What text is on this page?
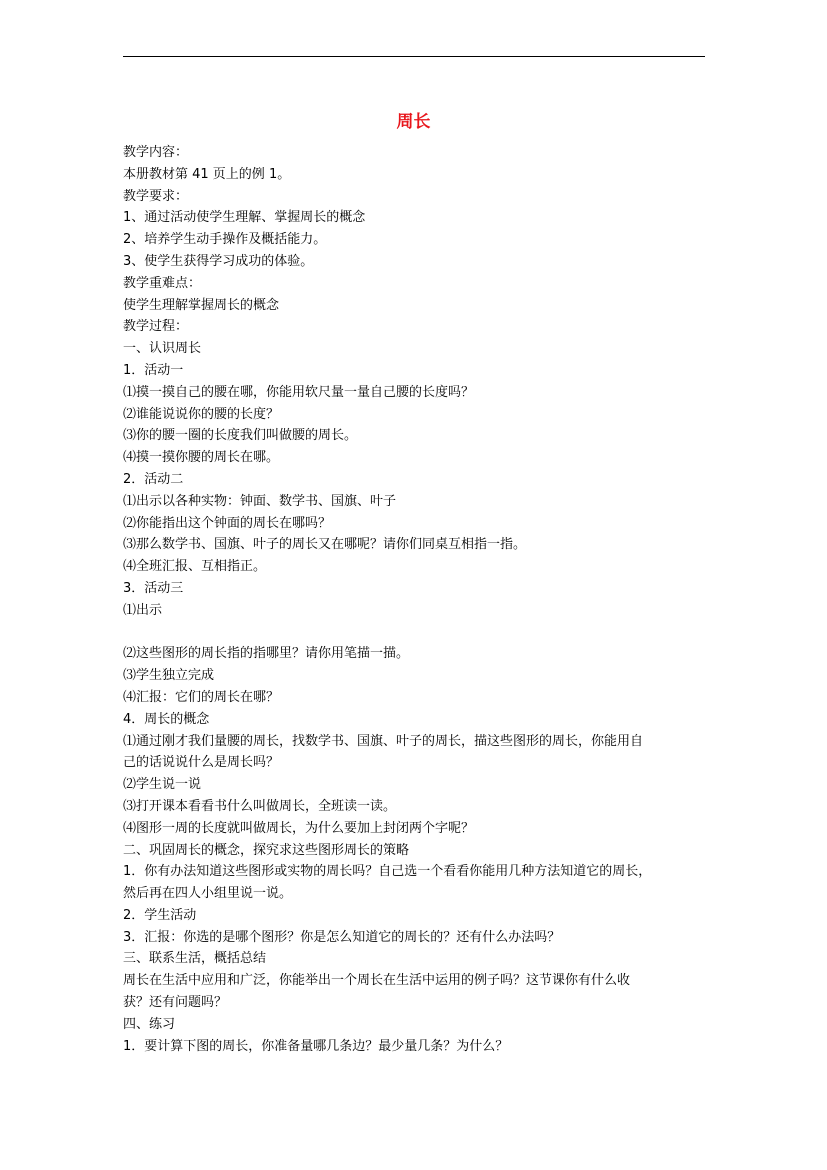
周长
教学内容：
本册教材第 41 页上的例 1。
教学要求：
1、通过活动使学生理解、掌握周长的概念
2、培养学生动手操作及概括能力。
3、使学生获得学习成功的体验。
教学重难点：
使学生理解掌握周长的概念
教学过程：
一、认识周长
1．活动一
⑴摸一摸自己的腰在哪，你能用软尺量一量自己腰的长度吗？
⑵谁能说说你的腰的长度？
⑶你的腰一圈的长度我们叫做腰的周长。
⑷摸一摸你腰的周长在哪。
2．活动二
⑴出示以各种实物：钟面、数学书、国旗、叶子
⑵你能指出这个钟面的周长在哪吗？
⑶那么数学书、国旗、叶子的周长又在哪呢？请你们同桌互相指一指。
⑷全班汇报、互相指正。
3．活动三
⑴出示
⑵这些图形的周长指的指哪里？请你用笔描一描。
⑶学生独立完成
⑷汇报：它们的周长在哪？
4．周长的概念
⑴通过刚才我们量腰的周长，找数学书、国旗、叶子的周长，描这些图形的周长，你能用自
己的话说说什么是周长吗？
⑵学生说一说
⑶打开课本看看书什么叫做周长，全班读一读。
⑷图形一周的长度就叫做周长，为什么要加上封闭两个字呢？
二、巩固周长的概念，探究求这些图形周长的策略
1．你有办法知道这些图形或实物的周长吗？自己选一个看看你能用几种方法知道它的周长，
然后再在四人小组里说一说。
2．学生活动
3．汇报：你选的是哪个图形？你是怎么知道它的周长的？还有什么办法吗？
三、联系生活，概括总结
周长在生活中应用和广泛，你能举出一个周长在生活中运用的例子吗？这节课你有什么收
获？还有问题吗？
四、练习
1．要计算下图的周长，你准备量哪几条边？最少量几条？为什么？
